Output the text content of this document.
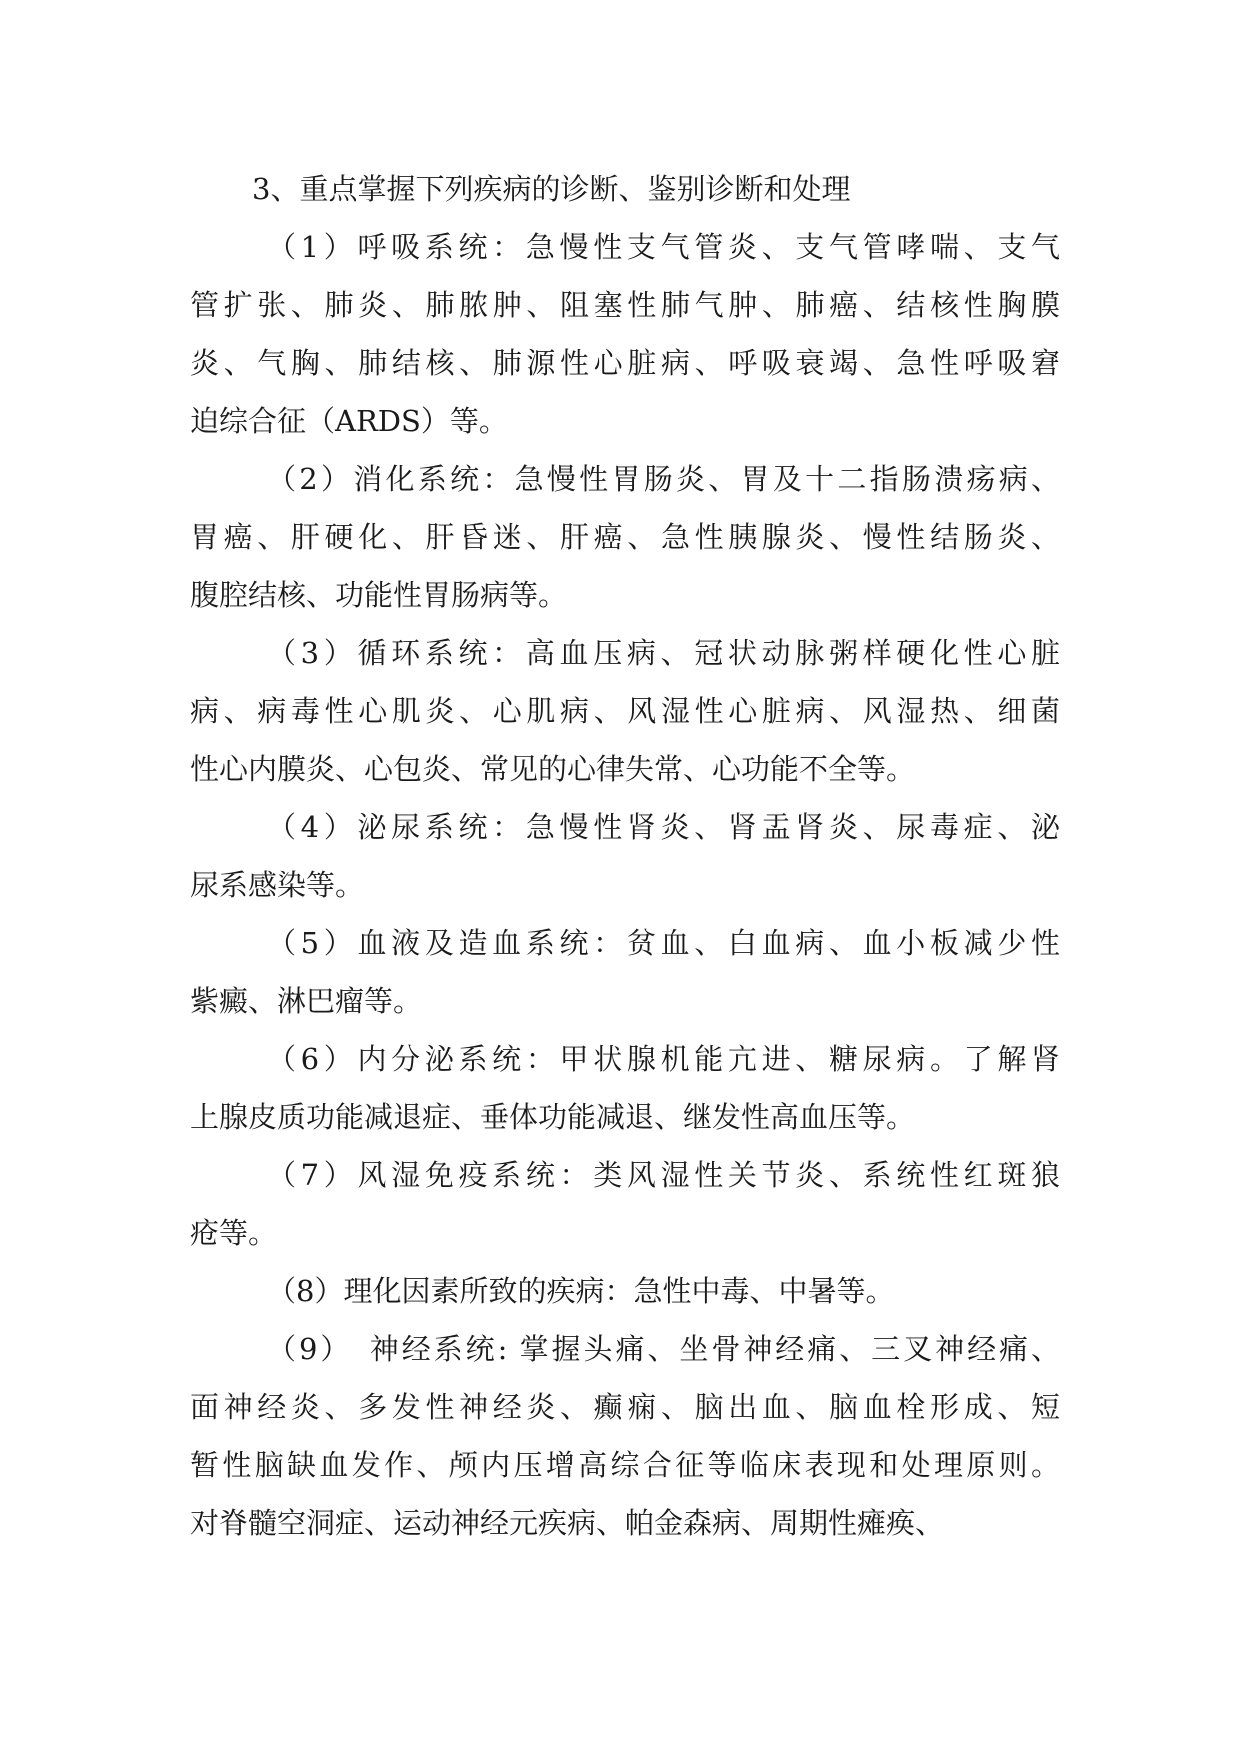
3、重点掌握下列疾病的诊断、鉴别诊断和处理
（1）呼吸系统：急慢性支气管炎、支气管哮喘、支气
管扩张、肺炎、肺脓肿、阻塞性肺气肿、肺癌、结核性胸膜
炎、气胸、肺结核、肺源性心脏病、呼吸衰竭、急性呼吸窘
迫综合征（ARDS）等。
（2）消化系统：急慢性胃肠炎、胃及十二指肠溃疡病、
胃癌、肝硬化、肝昏迷、肝癌、急性胰腺炎、慢性结肠炎、
腹腔结核、功能性胃肠病等。
（3）循环系统：高血压病、冠状动脉粥样硬化性心脏
病、病毒性心肌炎、心肌病、风湿性心脏病、风湿热、细菌
性心内膜炎、心包炎、常见的心律失常、心功能不全等。
（4）泌尿系统：急慢性肾炎、肾盂肾炎、尿毒症、泌
尿系感染等。
（5）血液及造血系统：贫血、白血病、血小板减少性
紫癜、淋巴瘤等。
（6）内分泌系统：甲状腺机能亢进、糖尿病。了解肾
上腺皮质功能减退症、垂体功能减退、继发性高血压等。
（7）风湿免疫系统：类风湿性关节炎、系统性红斑狼
疮等。
（8）理化因素所致的疾病：急性中毒、中暑等。
（9）　神经系统: 掌握头痛、坐骨神经痛、三叉神经痛、
面神经炎、多发性神经炎、癫痫、脑出血、脑血栓形成、短
暂性脑缺血发作、颅内压增高综合征等临床表现和处理原则。
对脊髓空洞症、运动神经元疾病、帕金森病、周期性瘫痪、
